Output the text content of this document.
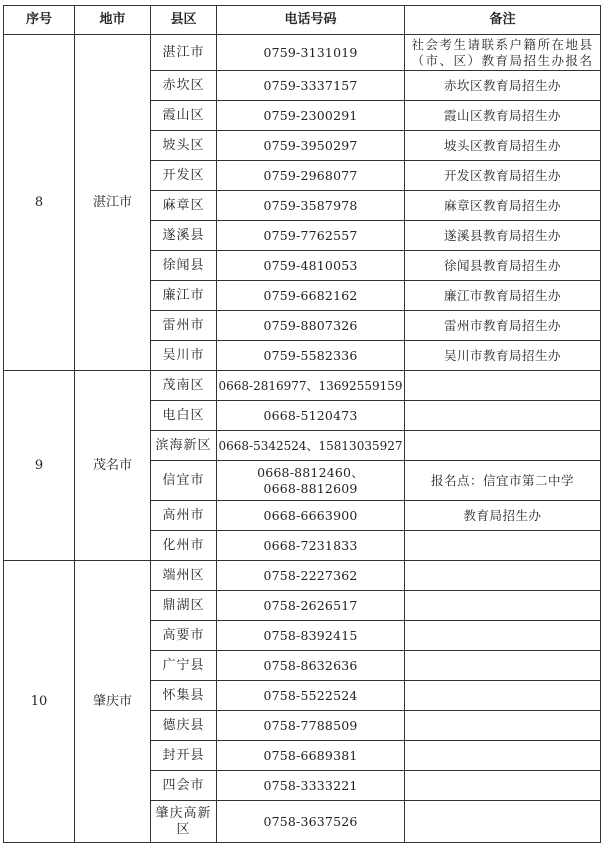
序号	地市	县区	电话号码	备注
8	湛江市	湛江市	0759-3131019	社会考生请联系户籍所在地县
（市、区）教育局招生办报名

		赤坎区	0759-3337157	赤坎区教育局招生办

		霞山区	0759-2300291	霞山区教育局招生办

		坡头区	0759-3950297	坡头区教育局招生办

		开发区	0759-2968077	开发区教育局招生办

		麻章区	0759-3587978	麻章区教育局招生办

		遂溪县	0759-7762557	遂溪县教育局招生办

		徐闻县	0759-4810053	徐闻县教育局招生办

		廉江市	0759-6682162	廉江市教育局招生办

		雷州市	0759-8807326	雷州市教育局招生办

		吴川市	0759-5582336	吴川市教育局招生办

9	茂名市	茂南区	0668-2816977、13692559159	
		电白区	0668-5120473	
		滨海新区	0668-5342524、15813035927	
		信宜市	0668-8812460、
0668-8812609	报名点：信宜市第二中学

		高州市	0668-6663900	教育局招生办

		化州市	0668-7231833	
10	肇庆市	端州区	0758-2227362	
		鼎湖区	0758-2626517	
		高要市	0758-8392415	
		广宁县	0758-8632636	
		怀集县	0758-5522524	
		德庆县	0758-7788509	
		封开县	0758-6689381	
		四会市	0758-3333221	

		肇庆高新
区	0758-3637526	
